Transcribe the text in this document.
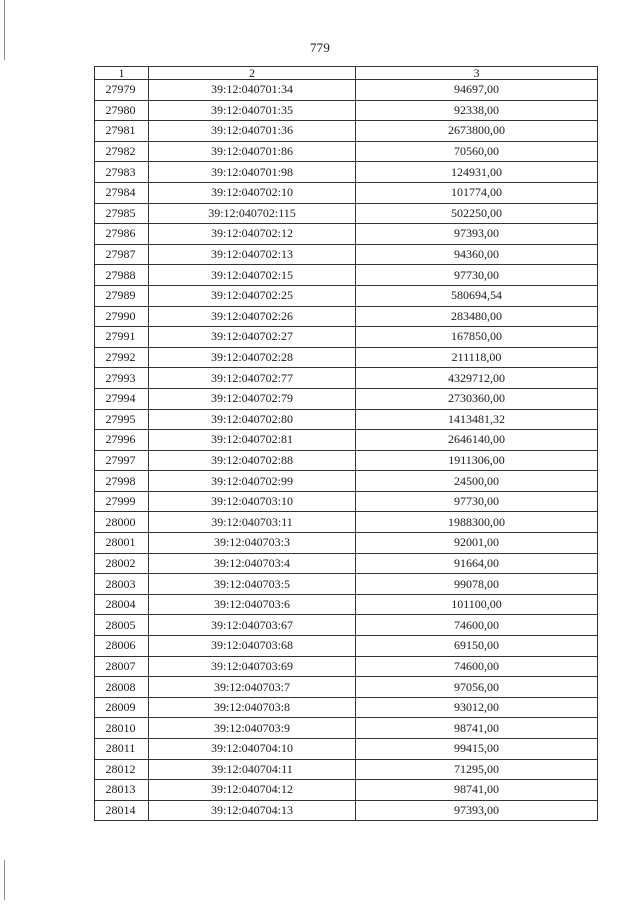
779
1	2	3
27979	39:12:040701:34	94697,00
27980	39:12:040701:35	92338,00
27981	39:12:040701:36	2673800,00
27982	39:12:040701:86	70560,00
27983	39:12:040701:98	124931,00
27984	39:12:040702:10	101774,00
27985	39:12:040702:115	502250,00
27986	39:12:040702:12	97393,00
27987	39:12:040702:13	94360,00
27988	39:12:040702:15	97730,00
27989	39:12:040702:25	580694,54
27990	39:12:040702:26	283480,00
27991	39:12:040702:27	167850,00
27992	39:12:040702:28	211118,00
27993	39:12:040702:77	4329712,00
27994	39:12:040702:79	2730360,00
27995	39:12:040702:80	1413481,32
27996	39:12:040702:81	2646140,00
27997	39:12:040702:88	1911306,00
27998	39:12:040702:99	24500,00
27999	39:12:040703:10	97730,00
28000	39:12:040703:11	1988300,00
28001	39:12:040703:3	92001,00
28002	39:12:040703:4	91664,00
28003	39:12:040703:5	99078,00
28004	39:12:040703:6	101100,00
28005	39:12:040703:67	74600,00
28006	39:12:040703:68	69150,00
28007	39:12:040703:69	74600,00
28008	39:12:040703:7	97056,00
28009	39:12:040703:8	93012,00
28010	39:12:040703:9	98741,00
28011	39:12:040704:10	99415,00
28012	39:12:040704:11	71295,00
28013	39:12:040704:12	98741,00
28014	39:12:040704:13	97393,00
